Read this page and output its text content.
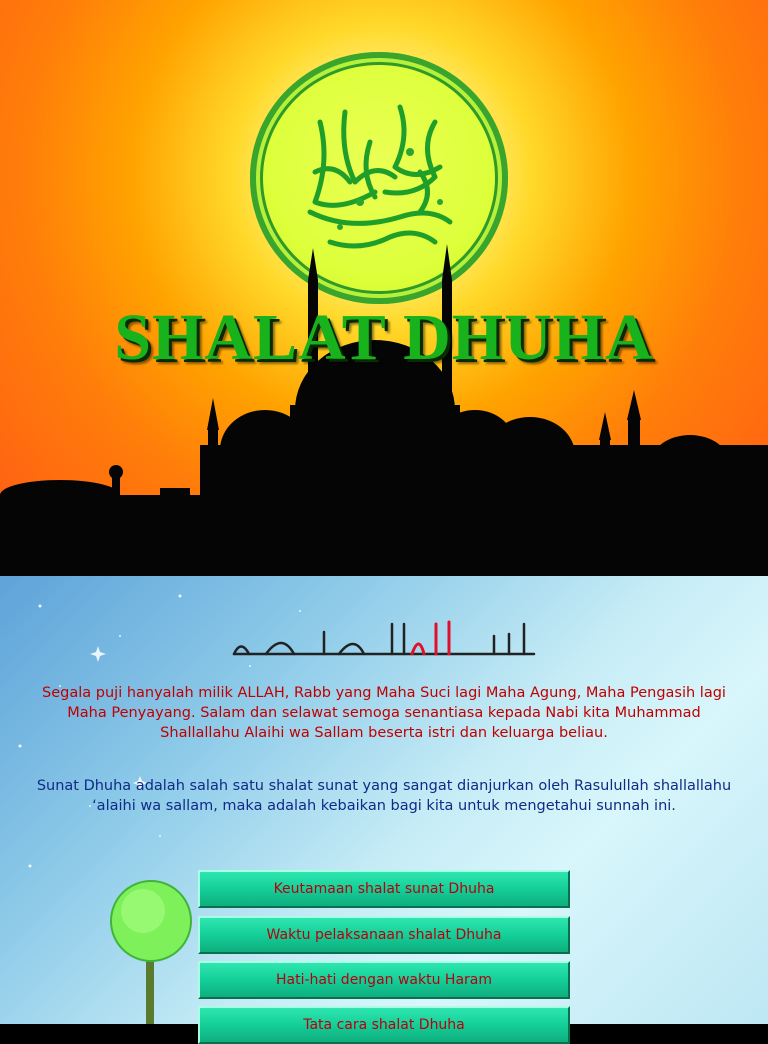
SHALAT DHUHA

Segala puji hanyalah milik ALLAH, Rabb yang Maha Suci lagi Maha Agung, Maha Pengasih lagi Maha Penyayang. Salam dan selawat semoga senantiasa kepada Nabi kita Muhammad Shallallahu Alaihi wa Sallam beserta istri dan keluarga beliau.

Sunat Dhuha adalah salah satu shalat sunat yang sangat dianjurkan oleh Rasulullah shallallahu ‘alaihi wa sallam, maka adalah kebaikan bagi kita untuk mengetahui sunnah ini.

Keutamaan shalat sunat Dhuha
Waktu pelaksanaan shalat Dhuha
Hati-hati dengan waktu Haram
Tata cara shalat Dhuha
